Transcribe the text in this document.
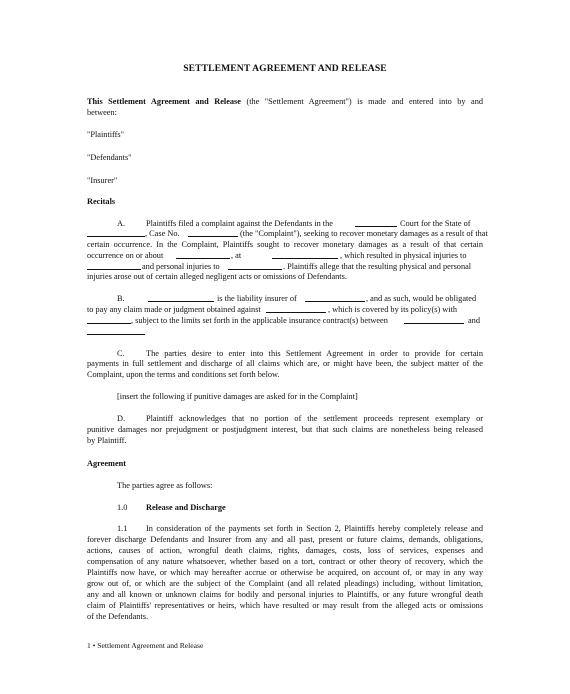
SETTLEMENT AGREEMENT AND RELEASE
This Settlement Agreement and Release (the "Settlement Agreement") is made and entered into by and
between:
"Plaintiffs"
"Defendants"
"Insurer"
Recitals
A.	Plaintiffs filed a complaint against the Defendants in the	Court for the State of
, Case No.	(the "Complaint"), seeking to recover monetary damages as a result of that
certain occurrence. In the Complaint, Plaintiffs sought to recover monetary damages as a result of that certain
occurrence on or about	, at	, which resulted in physical injuries to
and personal injuries to	. Plaintiffs allege that the resulting physical and personal
injuries arose out of certain alleged negligent acts or omissions of Defendants.
B.	is the liability insurer of	, and as such, would be obligated
to pay any claim made or judgment obtained against	, which is covered by its policy(s) with
, subject to the limits set forth in the applicable insurance contract(s) between	and
C.	The parties desire to enter into this Settlement Agreement in order to provide for certain
payments in full settlement and discharge of all claims which are, or might have been, the subject matter of the
Complaint, upon the terms and conditions set forth below.
[insert the following if punitive damages are asked for in the Complaint]
D.	Plaintiff acknowledges that no portion of the settlement proceeds represent exemplary or
punitive damages nor prejudgment or postjudgment interest, but that such claims are nonetheless being released
by Plaintiff.
Agreement
The parties agree as follows:
1.0 Release and Discharge
1.1 In consideration of the payments set forth in Section 2, Plaintiffs hereby completely release and
forever discharge Defendants and Insurer from any and all past, present or future claims, demands, obligations,
actions, causes of action, wrongful death claims, rights, damages, costs, loss of services, expenses and
compensation of any nature whatsoever, whether based on a tort, contract or other theory of recovery, which the
Plaintiffs now have, or which may hereafter accrue or otherwise be acquired, on account of, or may in any way
grow out of, or which are the subject of the Complaint (and all related pleadings) including, without limitation,
any and all known or unknown claims for bodily and personal injuries to Plaintiffs, or any future wrongful death
claim of Plaintiffs' representatives or heirs, which have resulted or may result from the alleged acts or omissions
of the Defendants.
1 • Settlement Agreement and Release
